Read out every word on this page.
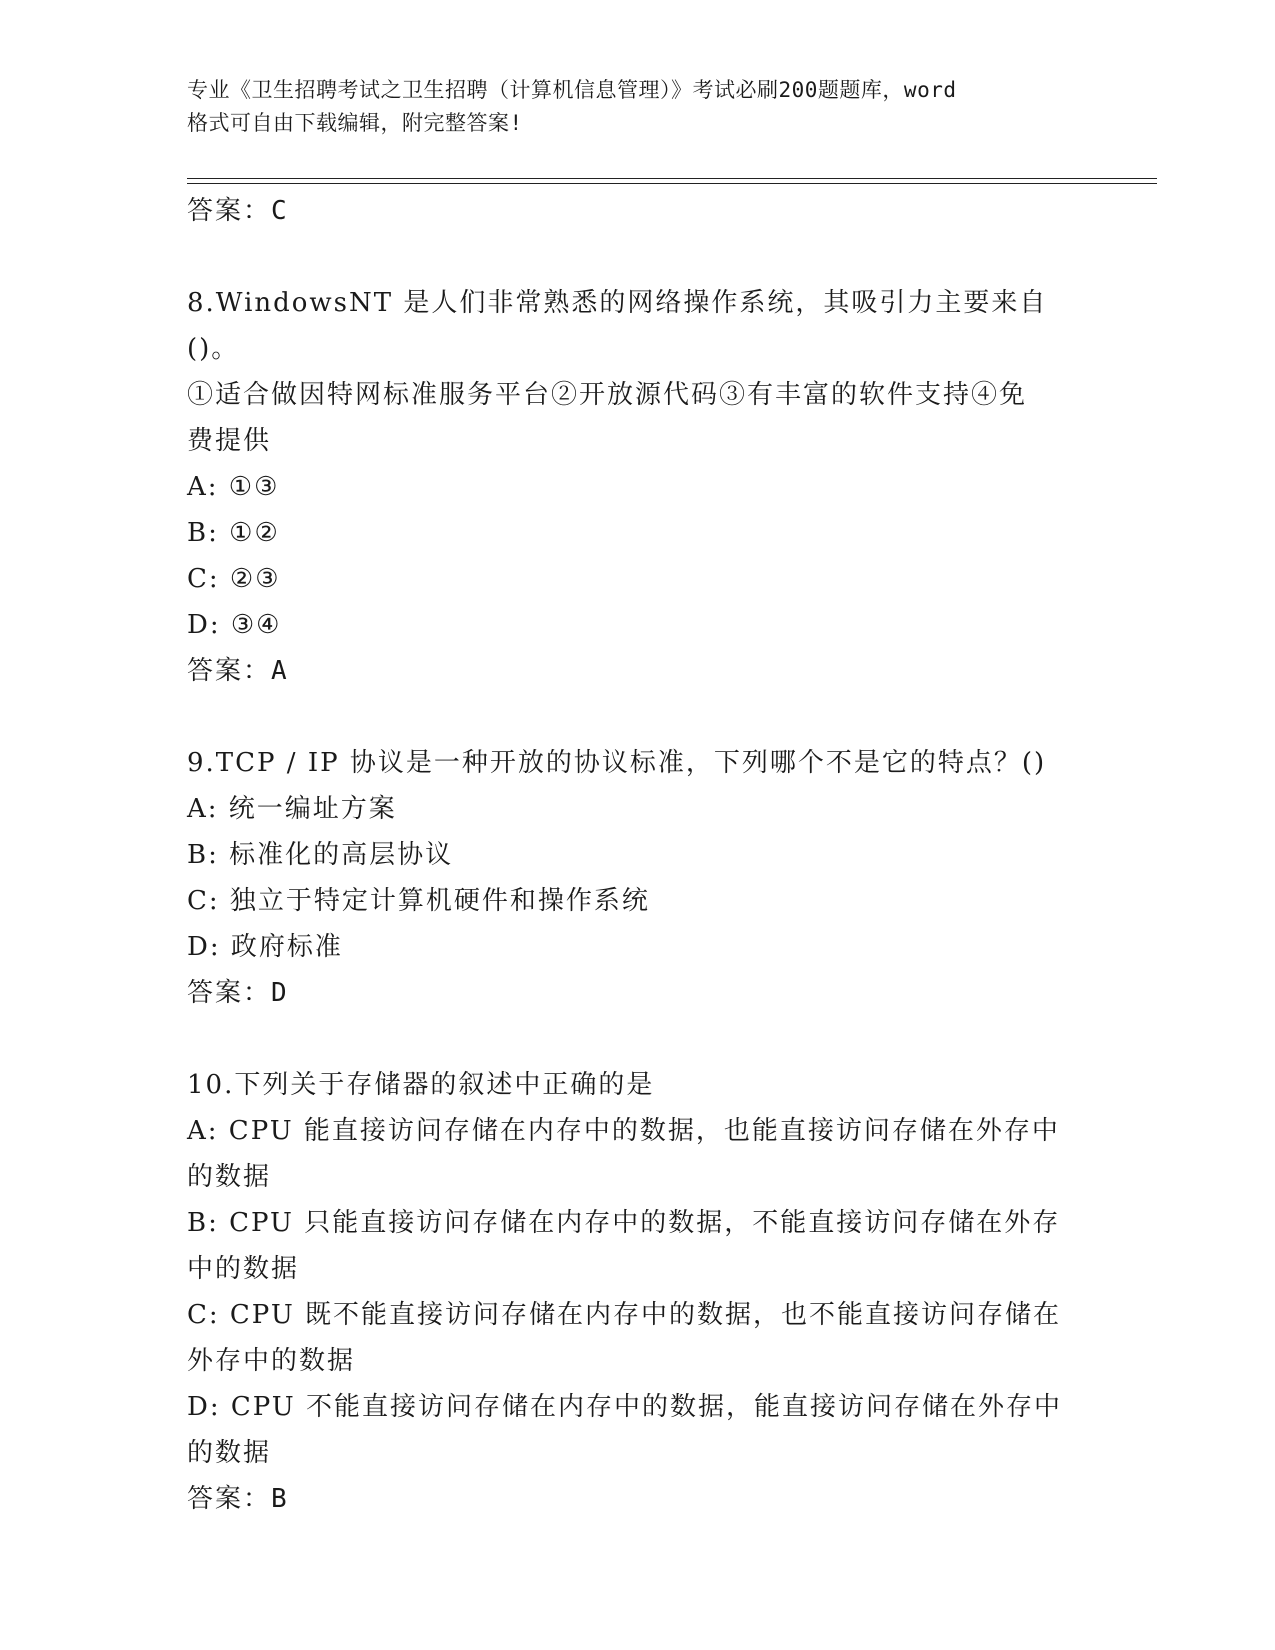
专业《卫生招聘考试之卫生招聘（计算机信息管理）》考试必刷200题题库，word
格式可自由下载编辑，附完整答案!
答案：C
8.WindowsNT 是人们非常熟悉的网络操作系统，其吸引力主要来自()。
①适合做因特网标准服务平台②开放源代码③有丰富的软件支持④免
费提供
A: ①③
B: ①②
C: ②③
D: ③④
答案：A
9.TCP / IP 协议是一种开放的协议标准，下列哪个不是它的特点？()
A: 统一编址方案
B: 标准化的高层协议
C: 独立于特定计算机硬件和操作系统
D: 政府标准
答案：D
10.下列关于存储器的叙述中正确的是
A: CPU 能直接访问存储在内存中的数据，也能直接访问存储在外存中
的数据
B: CPU 只能直接访问存储在内存中的数据，不能直接访问存储在外存
中的数据
C: CPU 既不能直接访问存储在内存中的数据，也不能直接访问存储在
外存中的数据
D: CPU 不能直接访问存储在内存中的数据，能直接访问存储在外存中
的数据
答案：B
